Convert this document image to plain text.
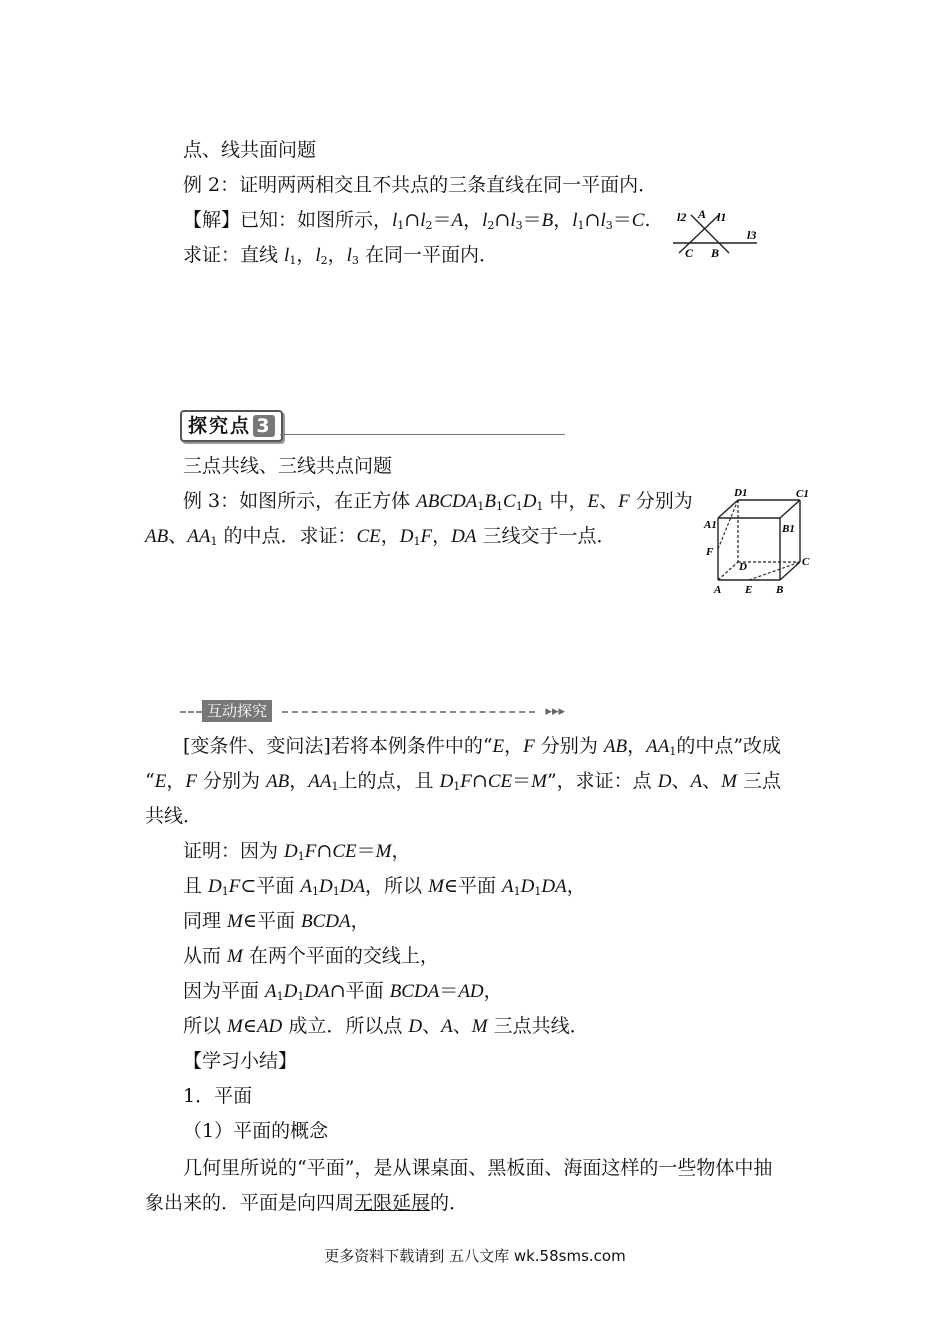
点、线共面问题
例 2：证明两两相交且不共点的三条直线在同一平面内．
【解】已知：如图所示，$l_1\cap l_2=A$，$l_2\cap l_3=B$，$l_1\cap l_3=C$.
求证：直线 $l_1$，$l_2$，$l_3$ 在同一平面内．
l2 A l1
l3
C B
探究点 3
三点共线、三线共点问题
例 3：如图所示，在正方体 $ABCDA_1B_1C_1D_1$ 中，E、F 分别为
AB、$AA_1$ 的中点．求证：CE，$D_1F$，DA 三线交于一点．
D1	C1
A1	B1
F
D	C
A E B
互动探究	▸▸▸
[变条件、变问法]若将本例条件中的“E，F 分别为 AB，$AA_1$的中点”改成
“E，F 分别为 AB，$AA_1$上的点，且 $D_1F\cap CE=M$”，求证：点 D、A、M 三点
共线．
证明：因为 $D_1F\cap CE=M$，
且 $D_1F\subset$平面 $A_1D_1DA$，所以 M∈平面 $A_1D_1DA$，
同理 M∈平面 BCDA，
从而 M 在两个平面的交线上，
因为平面 $A_1D_1DA\cap$平面 BCDA＝AD，
所以 M∈AD 成立．所以点 D、A、M 三点共线．
【学习小结】
1．平面
（1）平面的概念
几何里所说的“平面”，是从课桌面、黑板面、海面这样的一些物体中抽
象出来的．平面是向四周无限延展的．
更多资料下载请到 五八文库 wk.58sms.com
